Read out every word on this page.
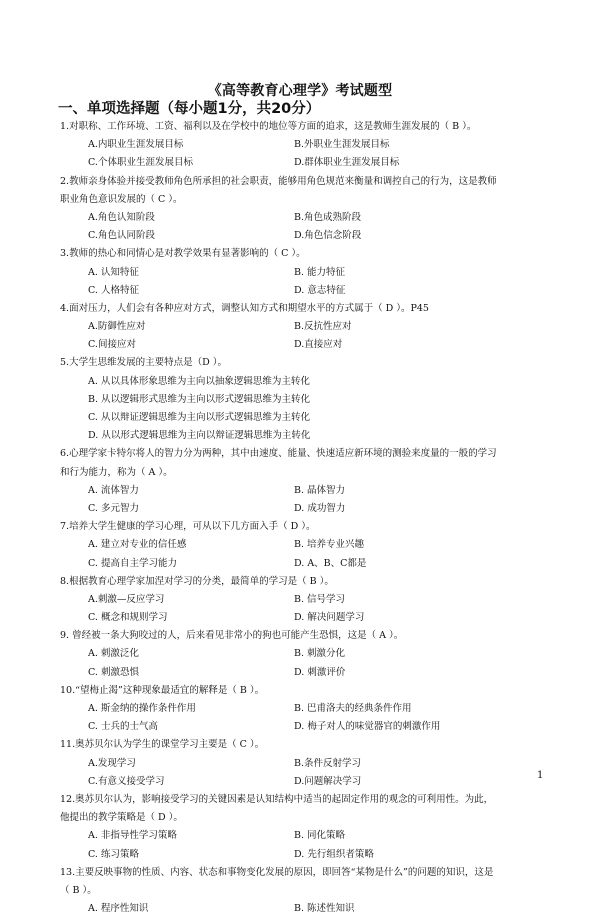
《高等教育心理学》考试题型
一、单项选择题（每小题1分，共20分）
1.对职称、工作环境、工资、福利以及在学校中的地位等方面的追求，这是教师生涯发展的（ B ）。
A.内职业生涯发展目标	B.外职业生涯发展目标
C.个体职业生涯发展目标	D.群体职业生涯发展目标
2.教师亲身体验并接受教师角色所承担的社会职责，能够用角色规范来衡量和调控自己的行为，这是教师
职业角色意识发展的（ C ）。
A.角色认知阶段	B.角色成熟阶段
C.角色认同阶段	D.角色信念阶段
3.教师的热心和同情心是对教学效果有显著影响的（ C ）。
A. 认知特征	B. 能力特征
C. 人格特征	D. 意志特征
4.面对压力，人们会有各种应对方式，调整认知方式和期望水平的方式属于（ D ）。P45
A.防御性应对	B.反抗性应对
C.间接应对	D.直接应对
5.大学生思维发展的主要特点是（D ）。
A. 从以具体形象思维为主向以抽象逻辑思维为主转化
B. 从以逻辑形式思维为主向以形式逻辑思维为主转化
C. 从以辩证逻辑思维为主向以形式逻辑思维为主转化
D. 从以形式逻辑思维为主向以辩证逻辑思维为主转化
6.心理学家卡特尔将人的智力分为两种，其中由速度、能量、快速适应新环境的测验来度量的一般的学习
和行为能力，称为（ A ）。
A. 流体智力	B. 晶体智力
C. 多元智力	D. 成功智力
7.培养大学生健康的学习心理，可从以下几方面入手（ D ）。
A. 建立对专业的信任感	B. 培养专业兴趣
C. 提高自主学习能力	D. A、B、C都是
8.根据教育心理学家加涅对学习的分类，最简单的学习是（ B ）。
A.刺激—反应学习	B. 信号学习
C. 概念和规则学习	D. 解决问题学习
9. 曾经被一条大狗咬过的人，后来看见非常小的狗也可能产生恐惧，这是（ A ）。
A. 刺激泛化	B. 刺激分化
C. 刺激恐惧	D. 刺激评价
10.“望梅止渴”这种现象最适宜的解释是（ B ）。
A. 斯金纳的操作条件作用	B. 巴甫洛夫的经典条件作用
C. 士兵的士气高	D. 梅子对人的味觉器官的刺激作用
11.奥苏贝尔认为学生的课堂学习主要是（ C ）。
A.发现学习	B.条件反射学习
C.有意义接受学习	D.问题解决学习
12.奥苏贝尔认为，影响接受学习的关键因素是认知结构中适当的起固定作用的观念的可利用性。为此，
他提出的教学策略是（ D ）。
A. 非指导性学习策略	B. 同化策略
C. 练习策略	D. 先行组织者策略
13.主要反映事物的性质、内容、状态和事物变化发展的原因，即回答“某物是什么”的问题的知识，这是
（ B ）。
A. 程序性知识	B. 陈述性知识
1
